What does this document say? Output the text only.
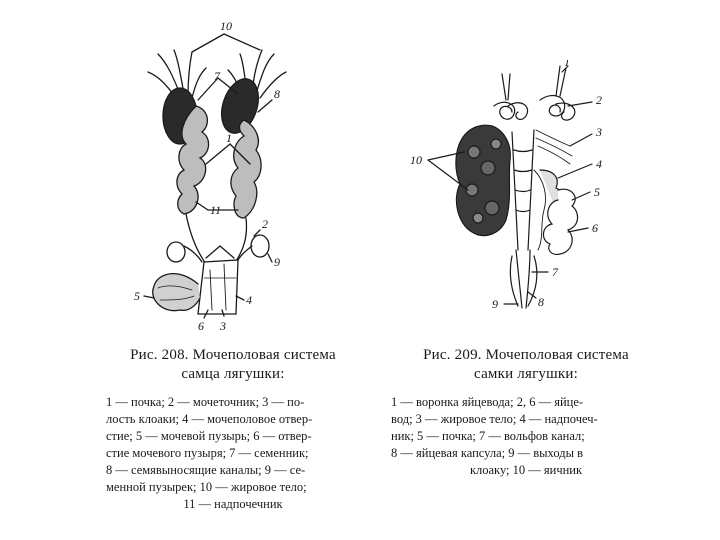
10
7
8
1
11
2
9
5	4
6 3
1
2
3
4
5
6
7
8
9
10
Рис. 208. Мочеполовая система
самца лягушки:

1 — почка; 2 — мочеточник; 3 — по-

лость клоаки; 4 — мочеполовое отвер-

стие; 5 — мочевой пузырь; 6 — отвер-

стие мочевого пузыря; 7 — семенник;

8 — семявыносящие каналы; 9 — се-

менной пузырек; 10 — жировое тело;

11 — надпочечник

Рис. 209. Мочеполовая система
самки лягушки:

1 — воронка яйцевода; 2, 6 — яйце-

вод; 3 — жировое тело; 4 — надпочеч-

ник; 5 — почка; 7 — вольфов канал;

8 — яйцевая капсула; 9 — выходы в

клоаку; 10 — яичник
